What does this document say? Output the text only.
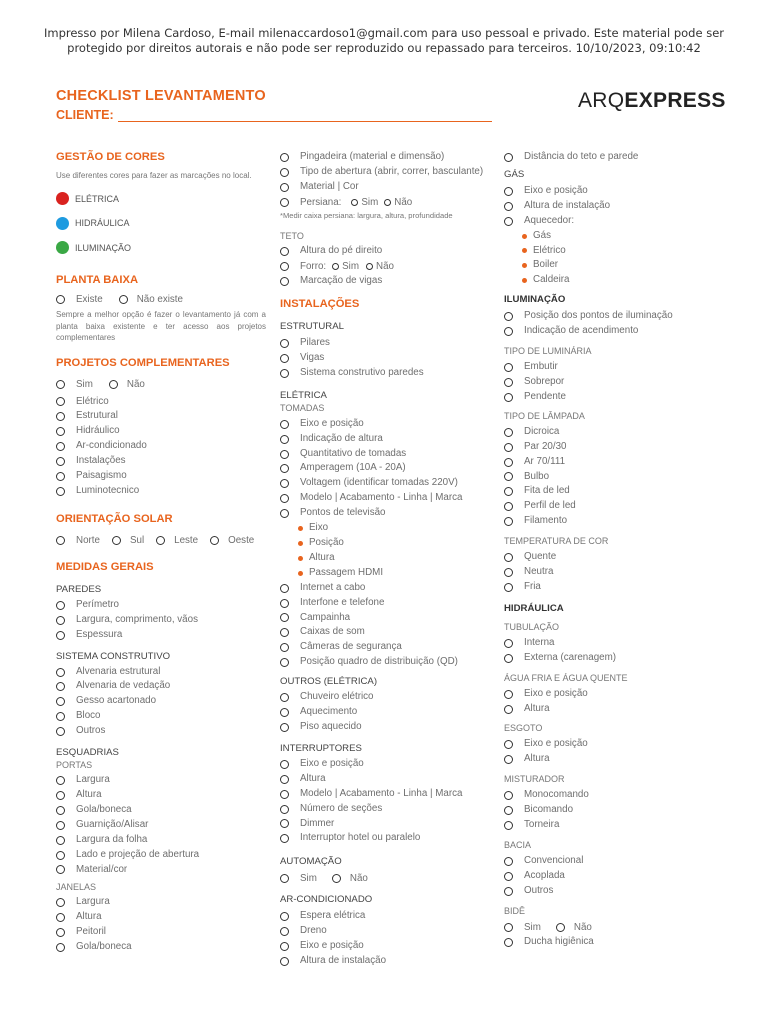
Impresso por Milena Cardoso, E-mail milenaccardoso1@gmail.com para uso pessoal e privado. Este material pode ser protegido por direitos autorais e não pode ser reproduzido ou repassado para terceiros. 10/10/2023, 09:10:42
CHECKLIST LEVANTAMENTO
CLIENTE:
ARQEXPRESS
GESTÃO DE CORES
Use diferentes cores para fazer as marcações no local.
ELÉTRICA
HIDRÁULICA
ILUMINAÇÃO
PLANTA BAIXA
Existe	Não existe
Sempre a melhor opção é fazer o levantamento já com a planta baixa existente e ter acesso aos projetos complementares
PROJETOS COMPLEMENTARES
Sim	Não
Elétrico
Estrutural
Hidráulico
Ar-condicionado
Instalações
Paisagismo
Luminotecnico
ORIENTAÇÃO SOLAR
Norte	Sul	Leste	Oeste
MEDIDAS GERAIS
PAREDES
Perímetro
Largura, comprimento, vãos
Espessura
SISTEMA CONSTRUTIVO
Alvenaria estrutural
Alvenaria de vedação
Gesso acartonado
Bloco
Outros
ESQUADRIAS
PORTAS
Largura
Altura
Gola/boneca
Guarnição/Alisar
Largura da folha
Lado e projeção de abertura
Material/cor
JANELAS
Largura
Altura
Peitoril
Gola/boneca
Pingadeira (material e dimensão)
Tipo de abertura (abrir, correr, basculante)
Material | Cor
Persiana: Sim Não
*Medir caixa persiana: largura, altura, profundidade
TETO
Altura do pé direito
Forro: Sim Não
Marcação de vigas
INSTALAÇÕES
ESTRUTURAL
Pilares
Vigas
Sistema construtivo paredes
ELÉTRICA
TOMADAS
Eixo e posição
Indicação de altura
Quantitativo de tomadas
Amperagem (10A - 20A)
Voltagem (identificar tomadas 220V)
Modelo | Acabamento - Linha | Marca
Pontos de televisão
Eixo
Posição
Altura
Passagem HDMI
Internet a cabo
Interfone e telefone
Campainha
Caixas de som
Câmeras de segurança
Posição quadro de distribuição (QD)
OUTROS (ELÉTRICA)
Chuveiro elétrico
Aquecimento
Piso aquecido
INTERRUPTORES
Eixo e posição
Altura
Modelo | Acabamento - Linha | Marca
Número de seções
Dimmer
Interruptor hotel ou paralelo
AUTOMAÇÃO
Sim	Não
AR-CONDICIONADO
Espera elétrica
Dreno
Eixo e posição
Altura de instalação
Distância do teto e parede
GÁS
Eixo e posição
Altura de instalação
Aquecedor:
Gás
Elétrico
Boiler
Caldeira
ILUMINAÇÃO
Posição dos pontos de iluminação
Indicação de acendimento
TIPO DE LUMINÁRIA
Embutir
Sobrepor
Pendente
TIPO DE LÂMPADA
Dicroica
Par 20/30
Ar 70/111
Bulbo
Fita de led
Perfil de led
Filamento
TEMPERATURA DE COR
Quente
Neutra
Fria
HIDRÁULICA
TUBULAÇÃO
Interna
Externa (carenagem)
ÁGUA FRIA E ÁGUA QUENTE
Eixo e posição
Altura
ESGOTO
Eixo e posição
Altura
MISTURADOR
Monocomando
Bicomando
Torneira
BACIA
Convencional
Acoplada
Outros
BIDÊ
Sim	Não
Ducha higiênica
